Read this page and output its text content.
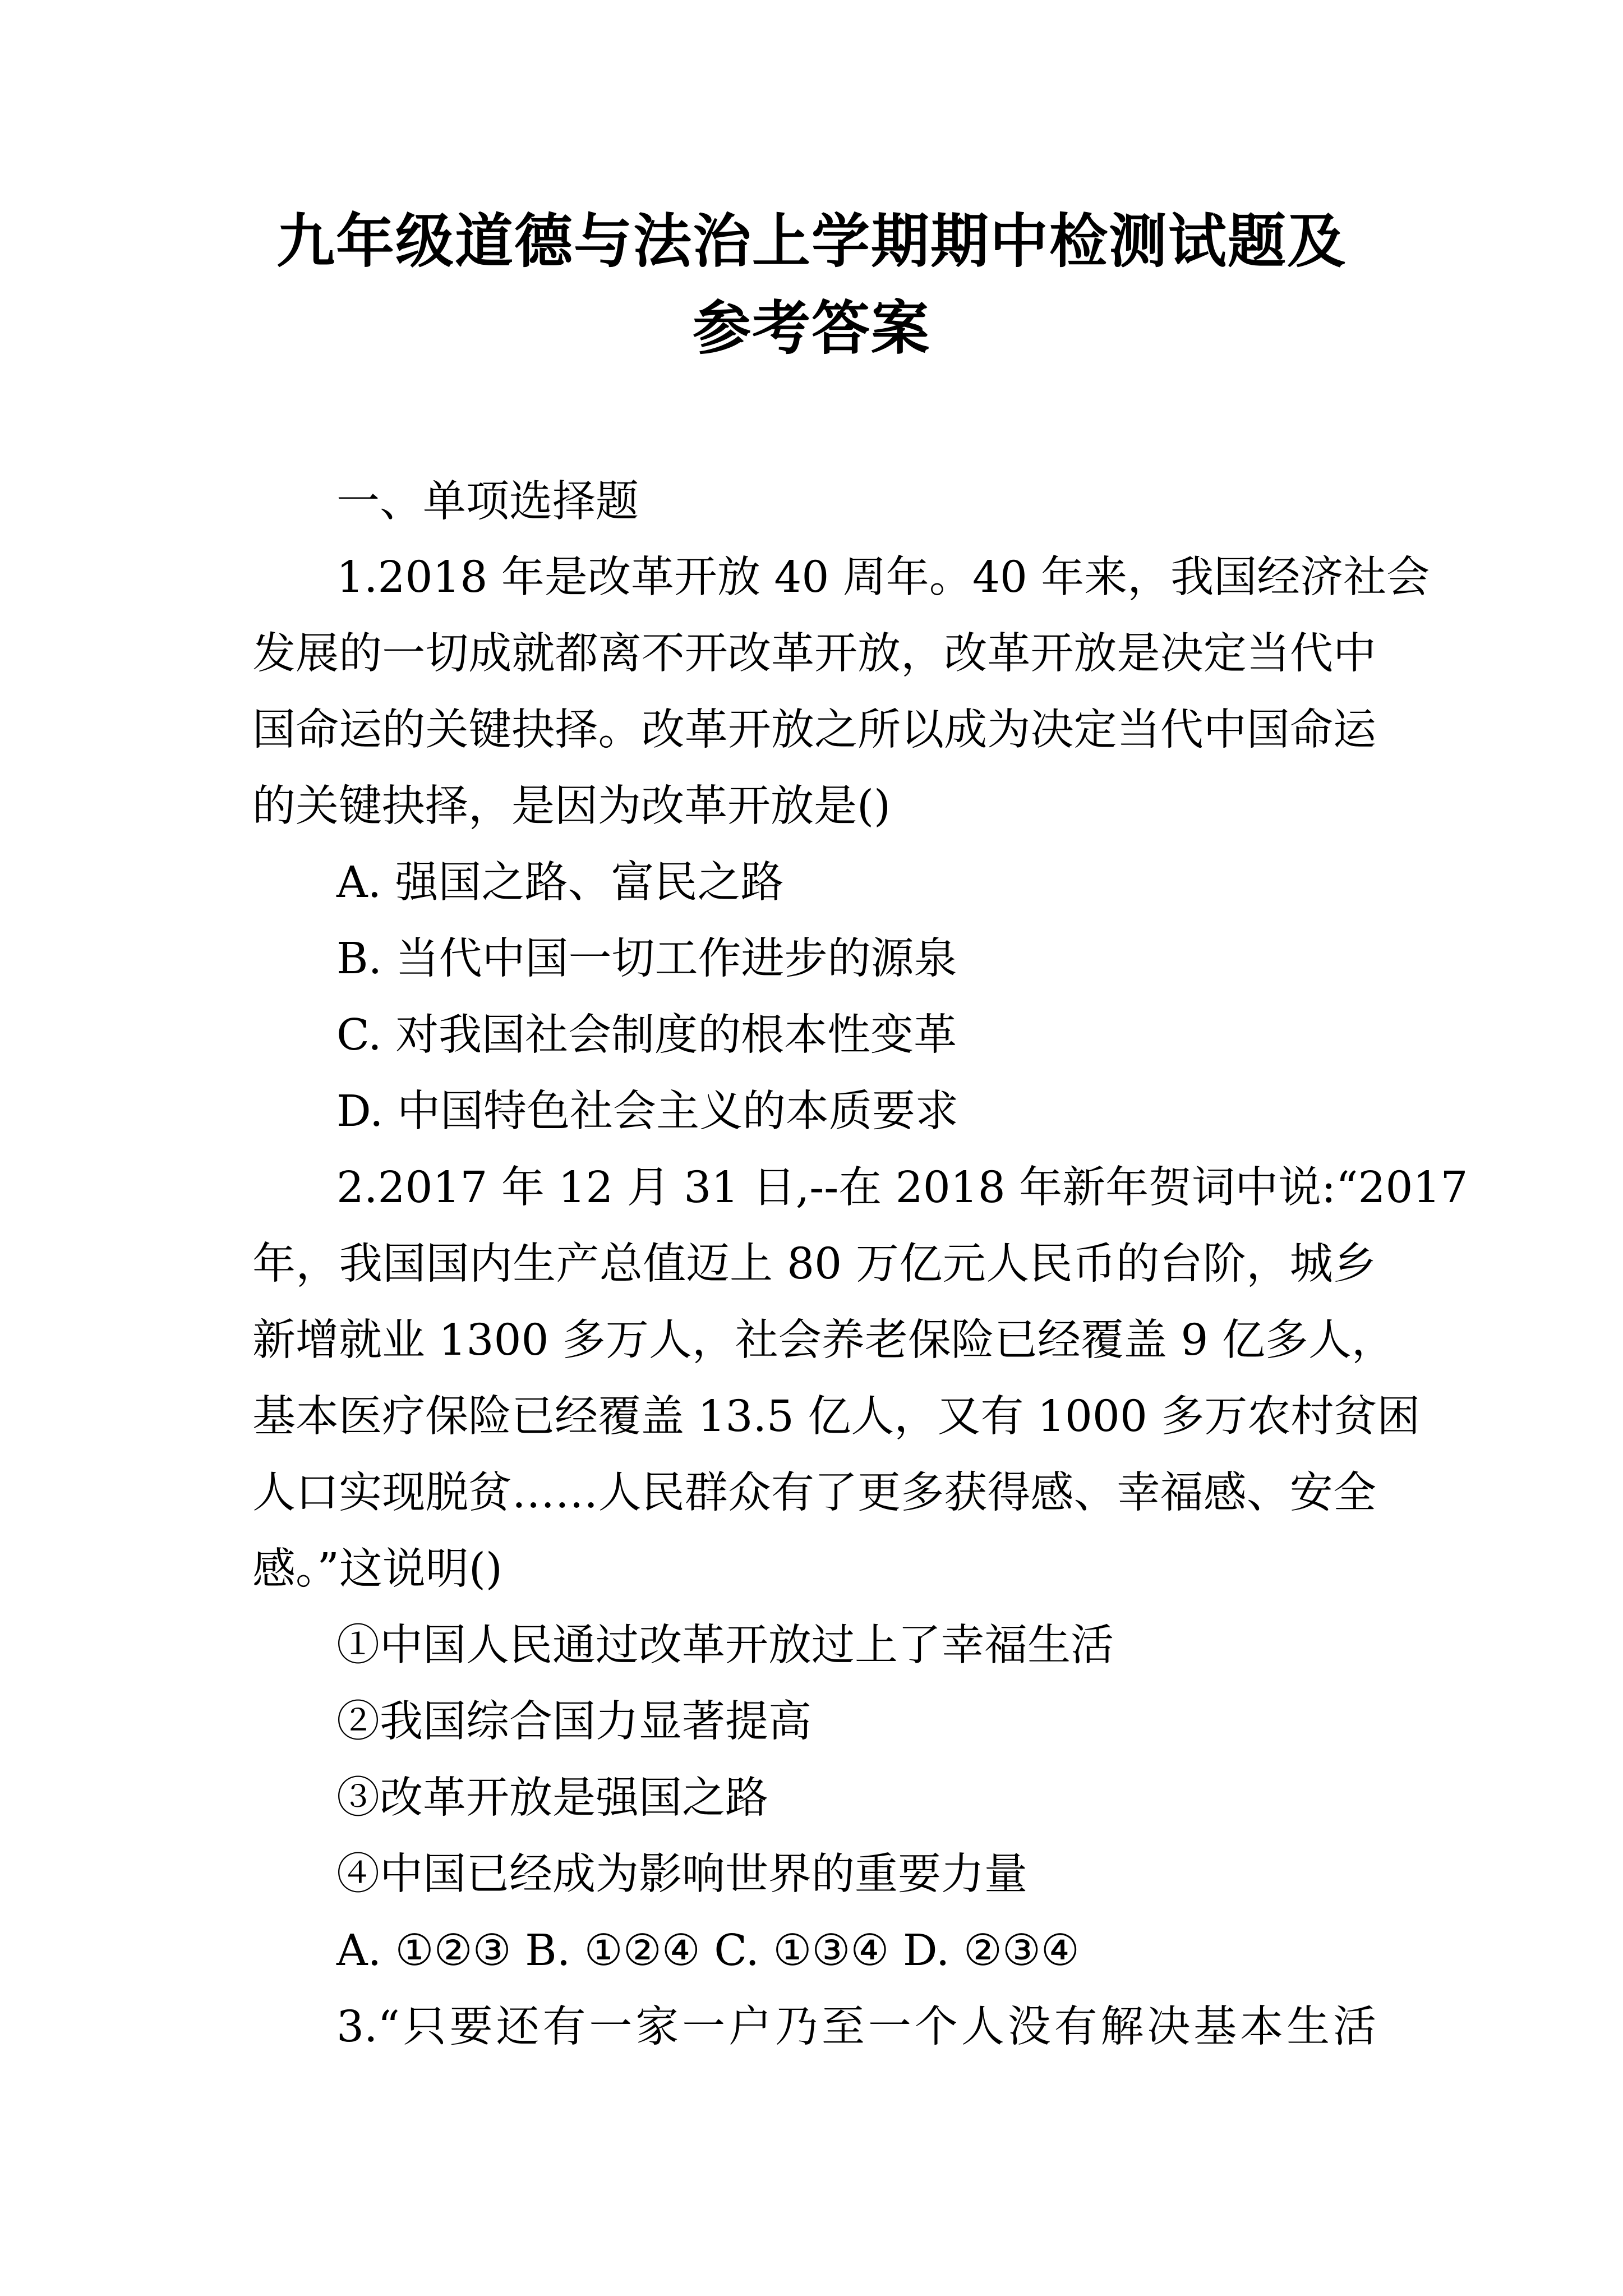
九年级道德与法治上学期期中检测试题及
参考答案
一、单项选择题
1.2018 年是改革开放 40 周年。40 年来，我国经济社会
发展的一切成就都离不开改革开放，改革开放是决定当代中
国命运的关键抉择。改革开放之所以成为决定当代中国命运
的关键抉择，是因为改革开放是()
A. 强国之路、富民之路
B. 当代中国一切工作进步的源泉
C. 对我国社会制度的根本性变革
D. 中国特色社会主义的本质要求
2.2017 年 12 月 31 日,--在 2018 年新年贺词中说:“2017
年，我国国内生产总值迈上 80 万亿元人民币的台阶，城乡
新增就业 1300 多万人，社会养老保险已经覆盖 9 亿多人，
基本医疗保险已经覆盖 13.5 亿人，又有 1000 多万农村贫困
人口实现脱贫……人民群众有了更多获得感、幸福感、安全
感。”这说明()
①中国人民通过改革开放过上了幸福生活
②我国综合国力显著提高
③改革开放是强国之路
④中国已经成为影响世界的重要力量
A. ①②③ B. ①②④ C. ①③④ D. ②③④
3.“只要还有一家一户乃至一个人没有解决基本生活
